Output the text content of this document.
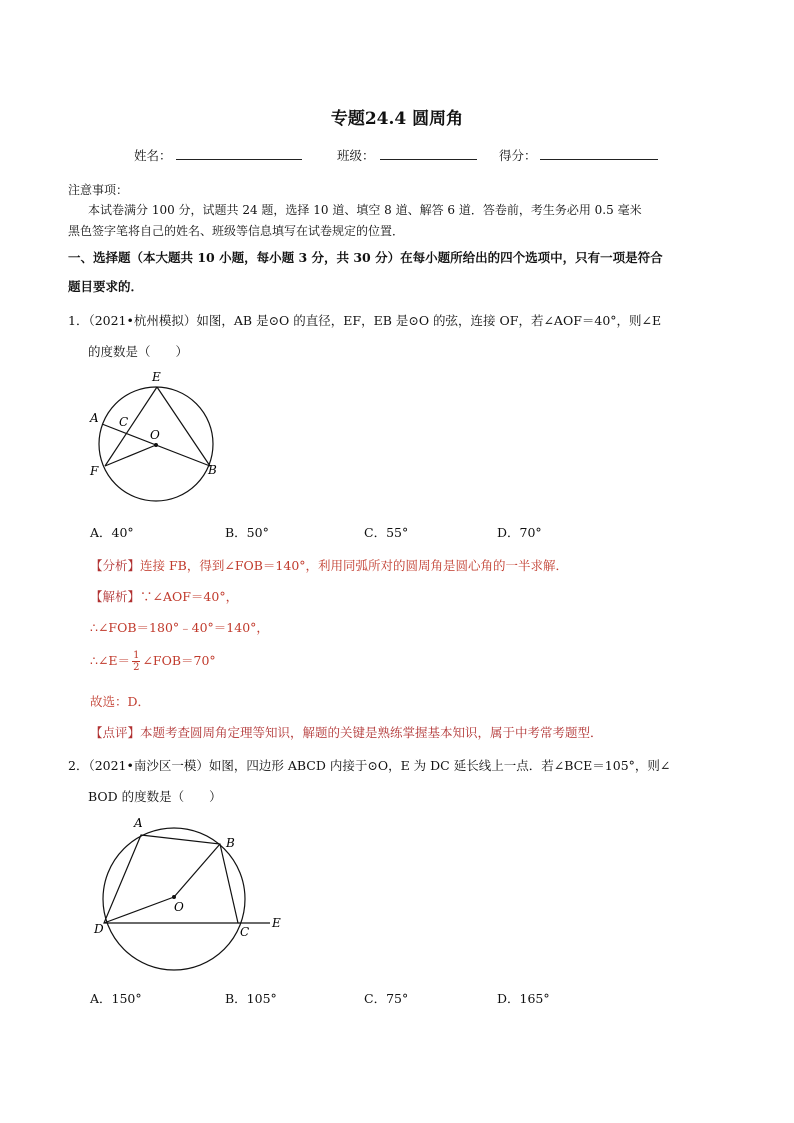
专题24.4 圆周角
姓名：	班级：	得分：
注意事项：
本试卷满分 100 分，试题共 24 题，选择 10 道、填空 8 道、解答 6 道．答卷前，考生务必用 0.5 毫米
黑色签字笔将自己的姓名、班级等信息填写在试卷规定的位置．
一、选择题（本大题共 10 小题，每小题 3 分，共 30 分）在每小题所给出的四个选项中，只有一项是符合
题目要求的．
1．（2021•杭州模拟）如图，AB 是⊙O 的直径，EF，EB 是⊙O 的弦，连接 OF，若∠AOF＝40°，则∠E
的度数是（　　）
E
A C
O
F	B
A．40°	B．50°	C．55°	D．70°
【分析】连接 FB，得到∠FOB＝140°，利用同弧所对的圆周角是圆心角的一半求解．
【解析】∵∠AOF＝40°，
∴∠FOB＝180°﹣40°＝140°，
∴∠E＝ $\frac{1}{2}$ ∠FOB＝70°
故选：D．
【点评】本题考查圆周角定理等知识，解题的关键是熟练掌握基本知识，属于中考常考题型．
2．（2021•南沙区一模）如图，四边形 ABCD 内接于⊙O，E 为 DC 延长线上一点．若∠BCE＝105°，则∠
BOD 的度数是（　　）
A
B
O
D	C
E
A．150°	B．105°	C．75°	D．165°
